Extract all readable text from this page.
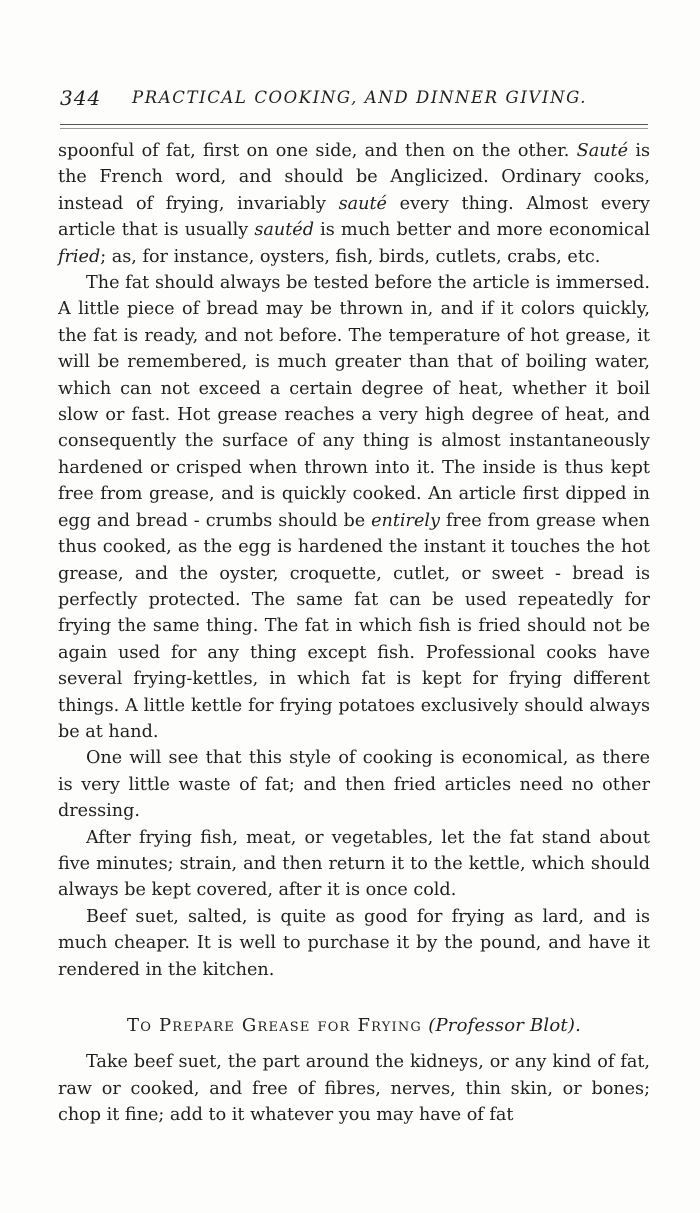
344 PRACTICAL COOKING, AND DINNER GIVING.

spoonful of fat, first on one side, and then on the other. Sauté is the French word, and should be Anglicized. Ordinary cooks, instead of frying, invariably sauté every thing. Almost every article that is usually sautéd is much better and more economical fried; as, for instance, oysters, fish, birds, cutlets, crabs, etc.

The fat should always be tested before the article is immersed. A little piece of bread may be thrown in, and if it colors quickly, the fat is ready, and not before. The temperature of hot grease, it will be remembered, is much greater than that of boiling water, which can not exceed a certain degree of heat, whether it boil slow or fast. Hot grease reaches a very high degree of heat, and consequently the surface of any thing is almost instantaneously hardened or crisped when thrown into it. The inside is thus kept free from grease, and is quickly cooked. An article first dipped in egg and bread - crumbs should be entirely free from grease when thus cooked, as the egg is hardened the instant it touches the hot grease, and the oyster, croquette, cutlet, or sweet - bread is perfectly protected. The same fat can be used repeatedly for frying the same thing. The fat in which fish is fried should not be again used for any thing except fish. Professional cooks have several frying-kettles, in which fat is kept for frying different things. A little kettle for frying potatoes exclusively should always be at hand.

One will see that this style of cooking is economical, as there is very little waste of fat; and then fried articles need no other dressing.

After frying fish, meat, or vegetables, let the fat stand about five minutes; strain, and then return it to the kettle, which should always be kept covered, after it is once cold.

Beef suet, salted, is quite as good for frying as lard, and is much cheaper. It is well to purchase it by the pound, and have it rendered in the kitchen.

To Prepare Grease for Frying (Professor Blot).

Take beef suet, the part around the kidneys, or any kind of fat, raw or cooked, and free of fibres, nerves, thin skin, or bones; chop it fine; add to it whatever you may have of fat
